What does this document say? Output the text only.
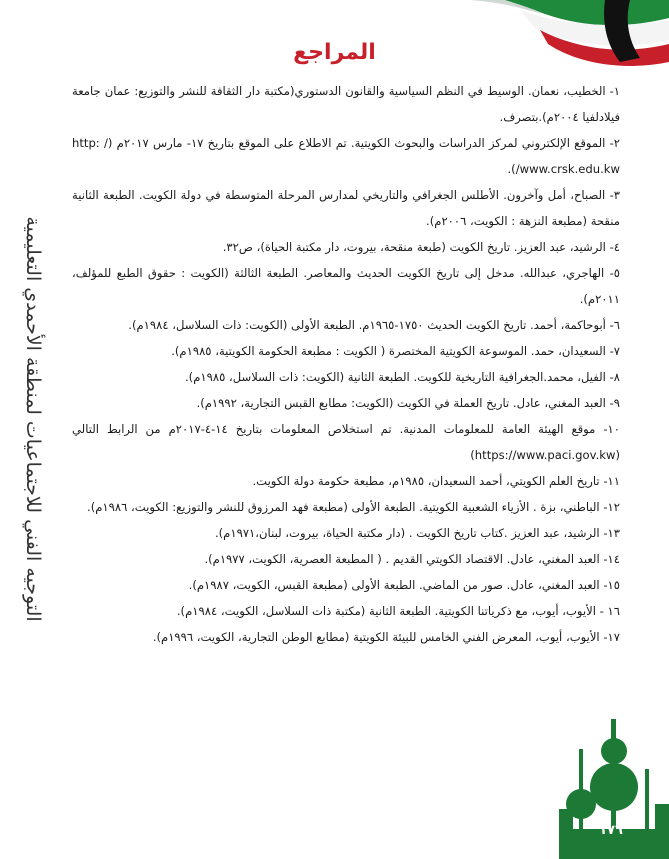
المراجع

١- الخطيب، نعمان. الوسيط في النظم السياسية والقانون الدستوري(مكتبة دار الثقافة للنشر والتوزيع: عمان جامعة فيلادلفيا ٢٠٠٤م).بتصرف.

٢- الموقع الإلكتروني لمركز الدراسات والبحوث الكويتية. تم الاطلاع على الموقع بتاريخ ١٧- مارس ٢٠١٧م (http: / /www.crsk.edu.kw).

٣- الصباح، أمل وآخرون. الأطلس الجغرافي والتاريخي لمدارس المرحلة المتوسطة في دولة الكويت. الطبعة الثانية منقحة (مطبعة النزهة : الكويت، ٢٠٠٦م).

٤- الرشيد، عبد العزيز. تاريخ الكويت (طبعة منقحة، بيروت، دار مكتبة الحياة)، ص٣٢.

٥- الهاجري، عبدالله. مدخل إلى تاريخ الكويت الحديث والمعاصر. الطبعة الثالثة (الكويت : حقوق الطبع للمؤلف، ٢٠١١م).

٦- أبوحاكمة، أحمد. تاريخ الكويت الحديث ١٧٥٠-١٩٦٥م. الطبعة الأولى (الكويت: ذات السلاسل، ١٩٨٤م).

٧- السعيدان، حمد. الموسوعة الكويتية المختصرة ( الكويت : مطبعة الحكومة الكويتية، ١٩٨٥م).

٨- الفيل، محمد.الجغرافية التاريخية للكويت. الطبعة الثانية (الكويت: ذات السلاسل، ١٩٨٥م).

٩- العبد المغني، عادل. تاريخ العملة في الكويت (الكويت: مطابع القبس التجارية، ١٩٩٢م).

١٠- موقع الهيئة العامة للمعلومات المدنية. تم استخلاص المعلومات بتاريخ ١٤-٤-٢٠١٧م من الرابط التالي (https://www.paci.gov.kw)

١١- تاريخ العلم الكويتي، أحمد السعيدان، ١٩٨٥م، مطبعة حكومة دولة الكويت.

١٢- الباطني، بزة . الأزياء الشعبية الكويتية. الطبعة الأولى (مطبعة فهد المرزوق للنشر والتوزيع: الكويت، ١٩٨٦م).

١٣- الرشيد، عبد العزيز .كتاب تاريخ الكويت . (دار مكتبة الحياة، بيروت، لبنان،١٩٧١م).

١٤- العبد المغني، عادل. الاقتصاد الكويتي القديم . ( المطبعة العصرية، الكويت، ١٩٧٧م).

١٥- العبد المغني، عادل. صور من الماضي. الطبعة الأولى (مطبعة القبس، الكويت، ١٩٨٧م).

١٦ - الأيوب، أيوب، مع ذكرياتنا الكويتية. الطبعة الثانية (مكتبة ذات السلاسل، الكويت، ١٩٨٤م).

١٧- الأيوب، أيوب، المعرض الفني الخامس للبيئة الكويتية (مطابع الوطن التجارية، الكويت، ١٩٩٦م).

التوجيه الفني للاجتماعيات لمنطقة الأحمدي التعليمية
١٧٦
